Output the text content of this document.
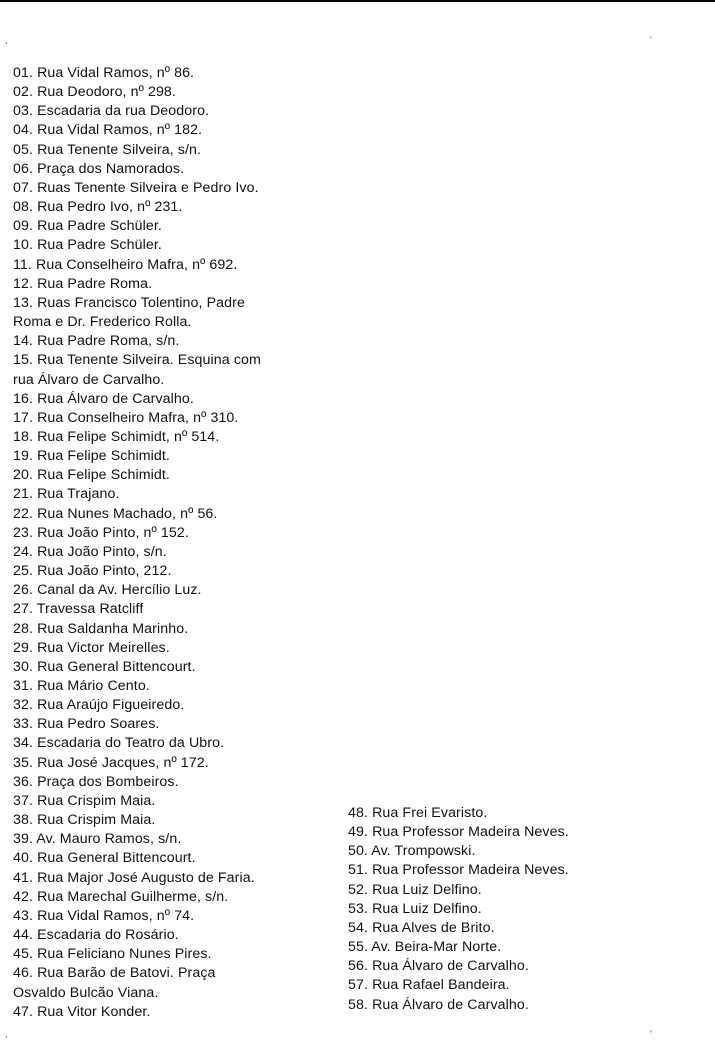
,	'
,	'
01. Rua Vidal Ramos, nº 86.
02. Rua Deodoro, nº 298.
03. Escadaria da rua Deodoro.
04. Rua Vidal Ramos, nº 182.
05. Rua Tenente Silveira, s/n.
06. Praça dos Namorados.
07. Ruas Tenente Silveira e Pedro Ivo.
08. Rua Pedro Ivo, nº 231.
09. Rua Padre Schüler.
10. Rua Padre Schüler.
11. Rua Conselheiro Mafra, nº 692.
12. Rua Padre Roma.
13. Ruas Francisco Tolentino, Padre
Roma e Dr. Frederico Rolla.
14. Rua Padre Roma, s/n.
15. Rua Tenente Silveira. Esquina com
rua Álvaro de Carvalho.
16. Rua Álvaro de Carvalho.
17. Rua Conselheiro Mafra, nº 310.
18. Rua Felipe Schimidt, nº 514.
19. Rua Felipe Schimidt.
20. Rua Felipe Schimidt.
21. Rua Trajano.
22. Rua Nunes Machado, nº 56.
23. Rua João Pinto, nº 152.
24. Rua João Pinto, s/n.
25. Rua João Pinto, 212.
26. Canal da Av. Hercílio Luz.
27. Travessa Ratcliff
28. Rua Saldanha Marinho.
29. Rua Victor Meirelles.
30. Rua General Bittencourt.
31. Rua Mário Cento.
32. Rua Araújo Figueiredo.
33. Rua Pedro Soares.
34. Escadaria do Teatro da Ubro.
35. Rua José Jacques, nº 172.
36. Praça dos Bombeiros.
37. Rua Crispim Maia.
38. Rua Crispim Maia.
39. Av. Mauro Ramos, s/n.
40. Rua General Bittencourt.
41. Rua Major José Augusto de Faria.
42. Rua Marechal Guilherme, s/n.
43. Rua Vidal Ramos, nº 74.
44. Escadaria do Rosário.
45. Rua Feliciano Nunes Pires.
46. Rua Barão de Batovi. Praça
Osvaldo Bulcão Viana.
47. Rua Vitor Konder.
48. Rua Frei Evaristo.
49. Rua Professor Madeira Neves.
50. Av. Trompowski.
51. Rua Professor Madeira Neves.
52. Rua Luiz Delfino.
53. Rua Luiz Delfino.
54. Rua Alves de Brito.
55. Av. Beira-Mar Norte.
56. Rua Álvaro de Carvalho.
57. Rua Rafael Bandeira.
58. Rua Álvaro de Carvalho.
